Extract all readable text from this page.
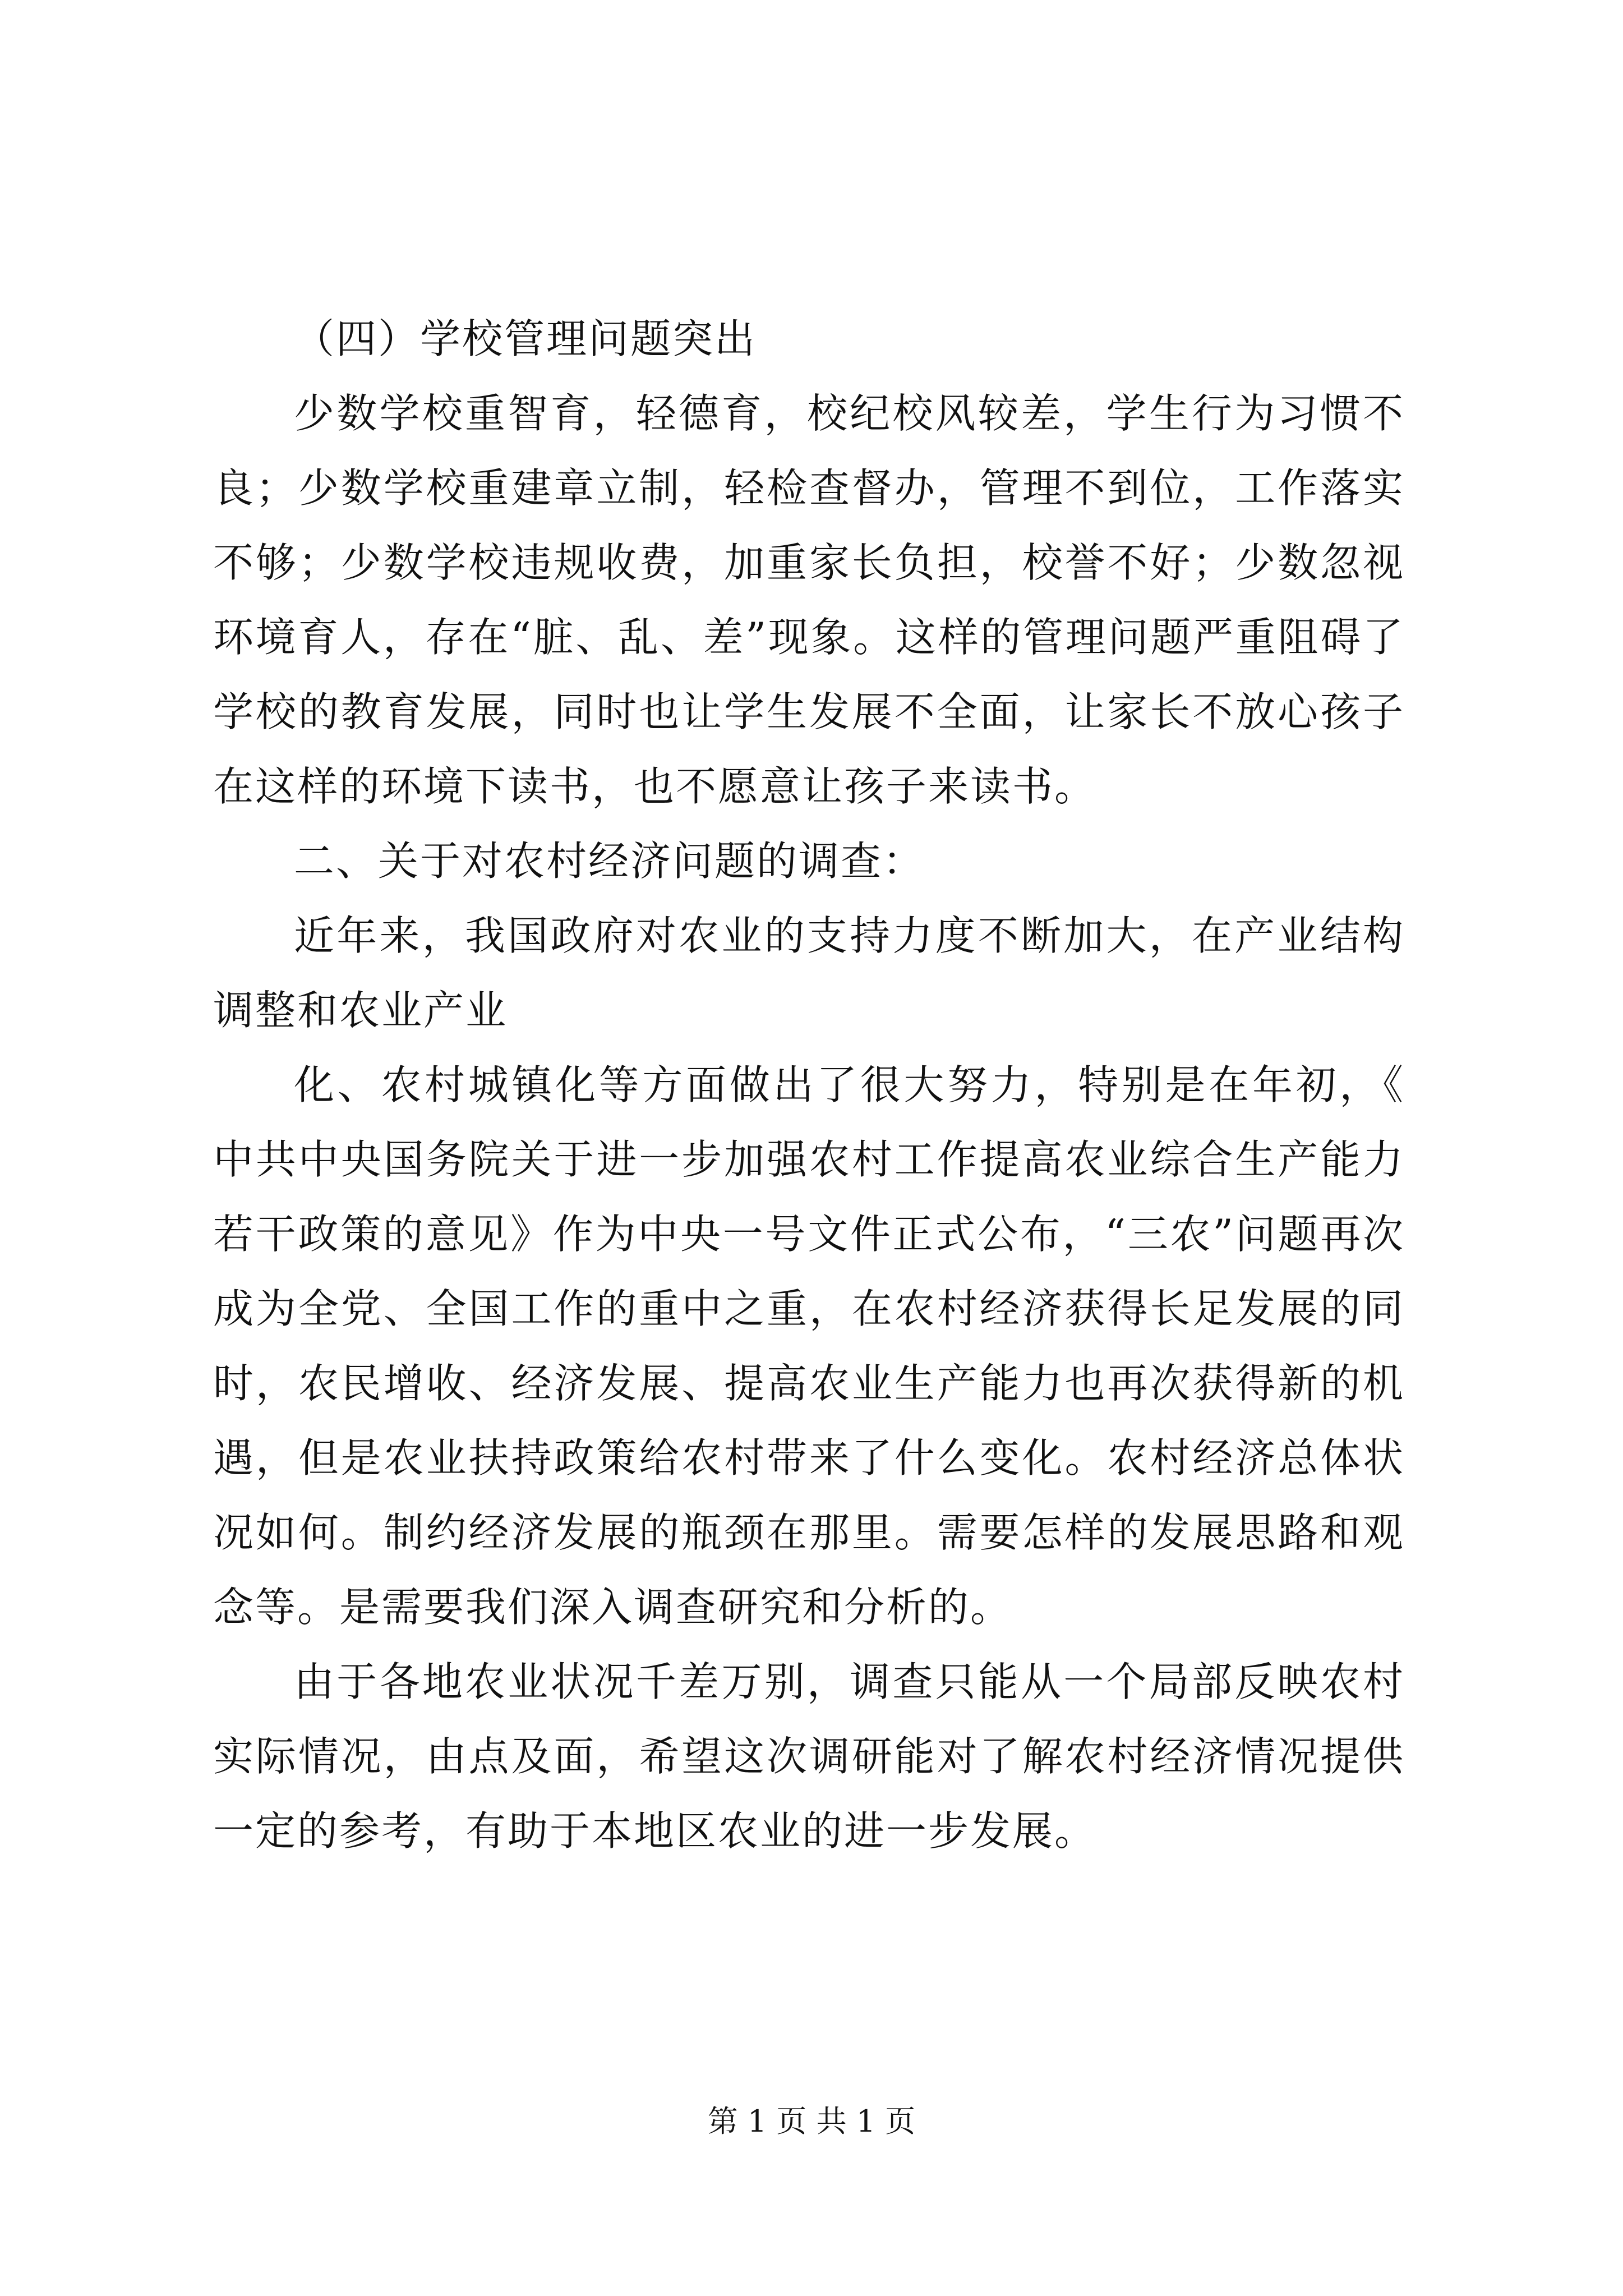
（四）学校管理问题突出

少数学校重智育，轻德育，校纪校风较差，学生行为习惯不良；少数学校重建章立制，轻检查督办，管理不到位，工作落实不够；少数学校违规收费，加重家长负担，校誉不好；少数忽视环境育人，存在“脏、乱、差”现象。这样的管理问题严重阻碍了学校的教育发展，同时也让学生发展不全面，让家长不放心孩子在这样的环境下读书，也不愿意让孩子来读书。

二、关于对农村经济问题的调查：

近年来，我国政府对农业的支持力度不断加大，在产业结构调整和农业产业

化、农村城镇化等方面做出了很大努力，特别是在年初，《中共中央国务院关于进一步加强农村工作提高农业综合生产能力若干政策的意见》作为中央一号文件正式公布，“三农”问题再次成为全党、全国工作的重中之重，在农村经济获得长足发展的同时，农民增收、经济发展、提高农业生产能力也再次获得新的机遇，但是农业扶持政策给农村带来了什么变化。农村经济总体状况如何。制约经济发展的瓶颈在那里。需要怎样的发展思路和观念等。是需要我们深入调查研究和分析的。

由于各地农业状况千差万别，调查只能从一个局部反映农村实际情况，由点及面，希望这次调研能对了解农村经济情况提供一定的参考，有助于本地区农业的进一步发展。

第 1 页 共 1 页
